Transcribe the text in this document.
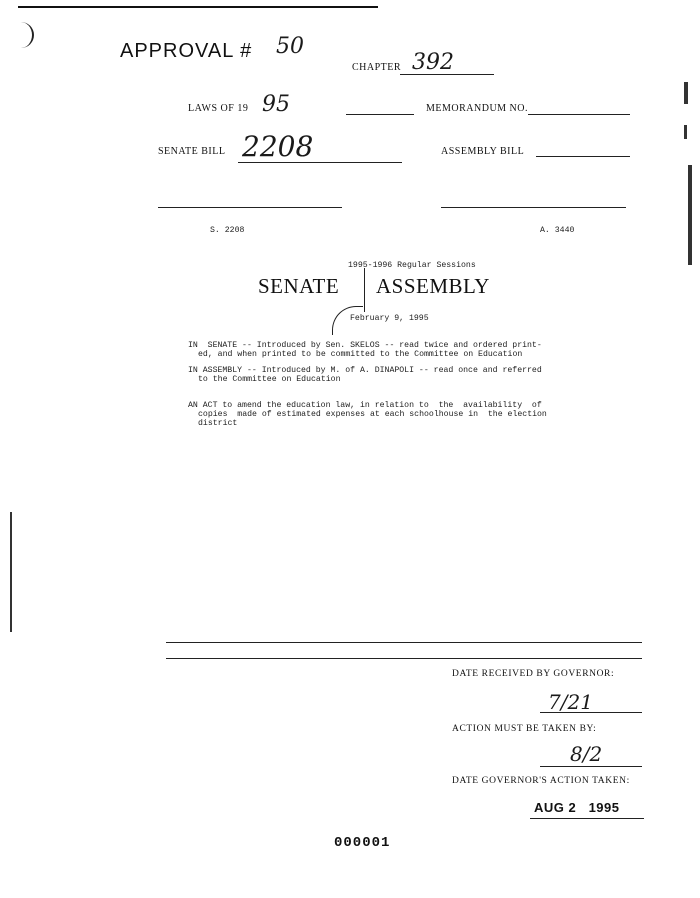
APPROVAL # 50
CHAPTER 392
LAWS OF 19 95	MEMORANDUM NO.
SENATE BILL 2208	ASSEMBLY BILL
S. 2208	A. 3440
1995-1996 Regular Sessions
SENATE ASSEMBLY
February 9, 1995
IN  SENATE -- Introduced by Sen. SKELOS -- read twice and ordered print-
ed, and when printed to be committed to the Committee on Education
IN ASSEMBLY -- Introduced by M. of A. DINAPOLI -- read once and referred
to the Committee on Education
AN ACT to amend the education law, in relation to  the  availability  of
copies  made of estimated expenses at each schoolhouse in  the election
district
DATE RECEIVED BY GOVERNOR:
7/21
ACTION MUST BE TAKEN BY:
8/2
DATE GOVERNOR'S ACTION TAKEN:
AUG 2   1995
000001
